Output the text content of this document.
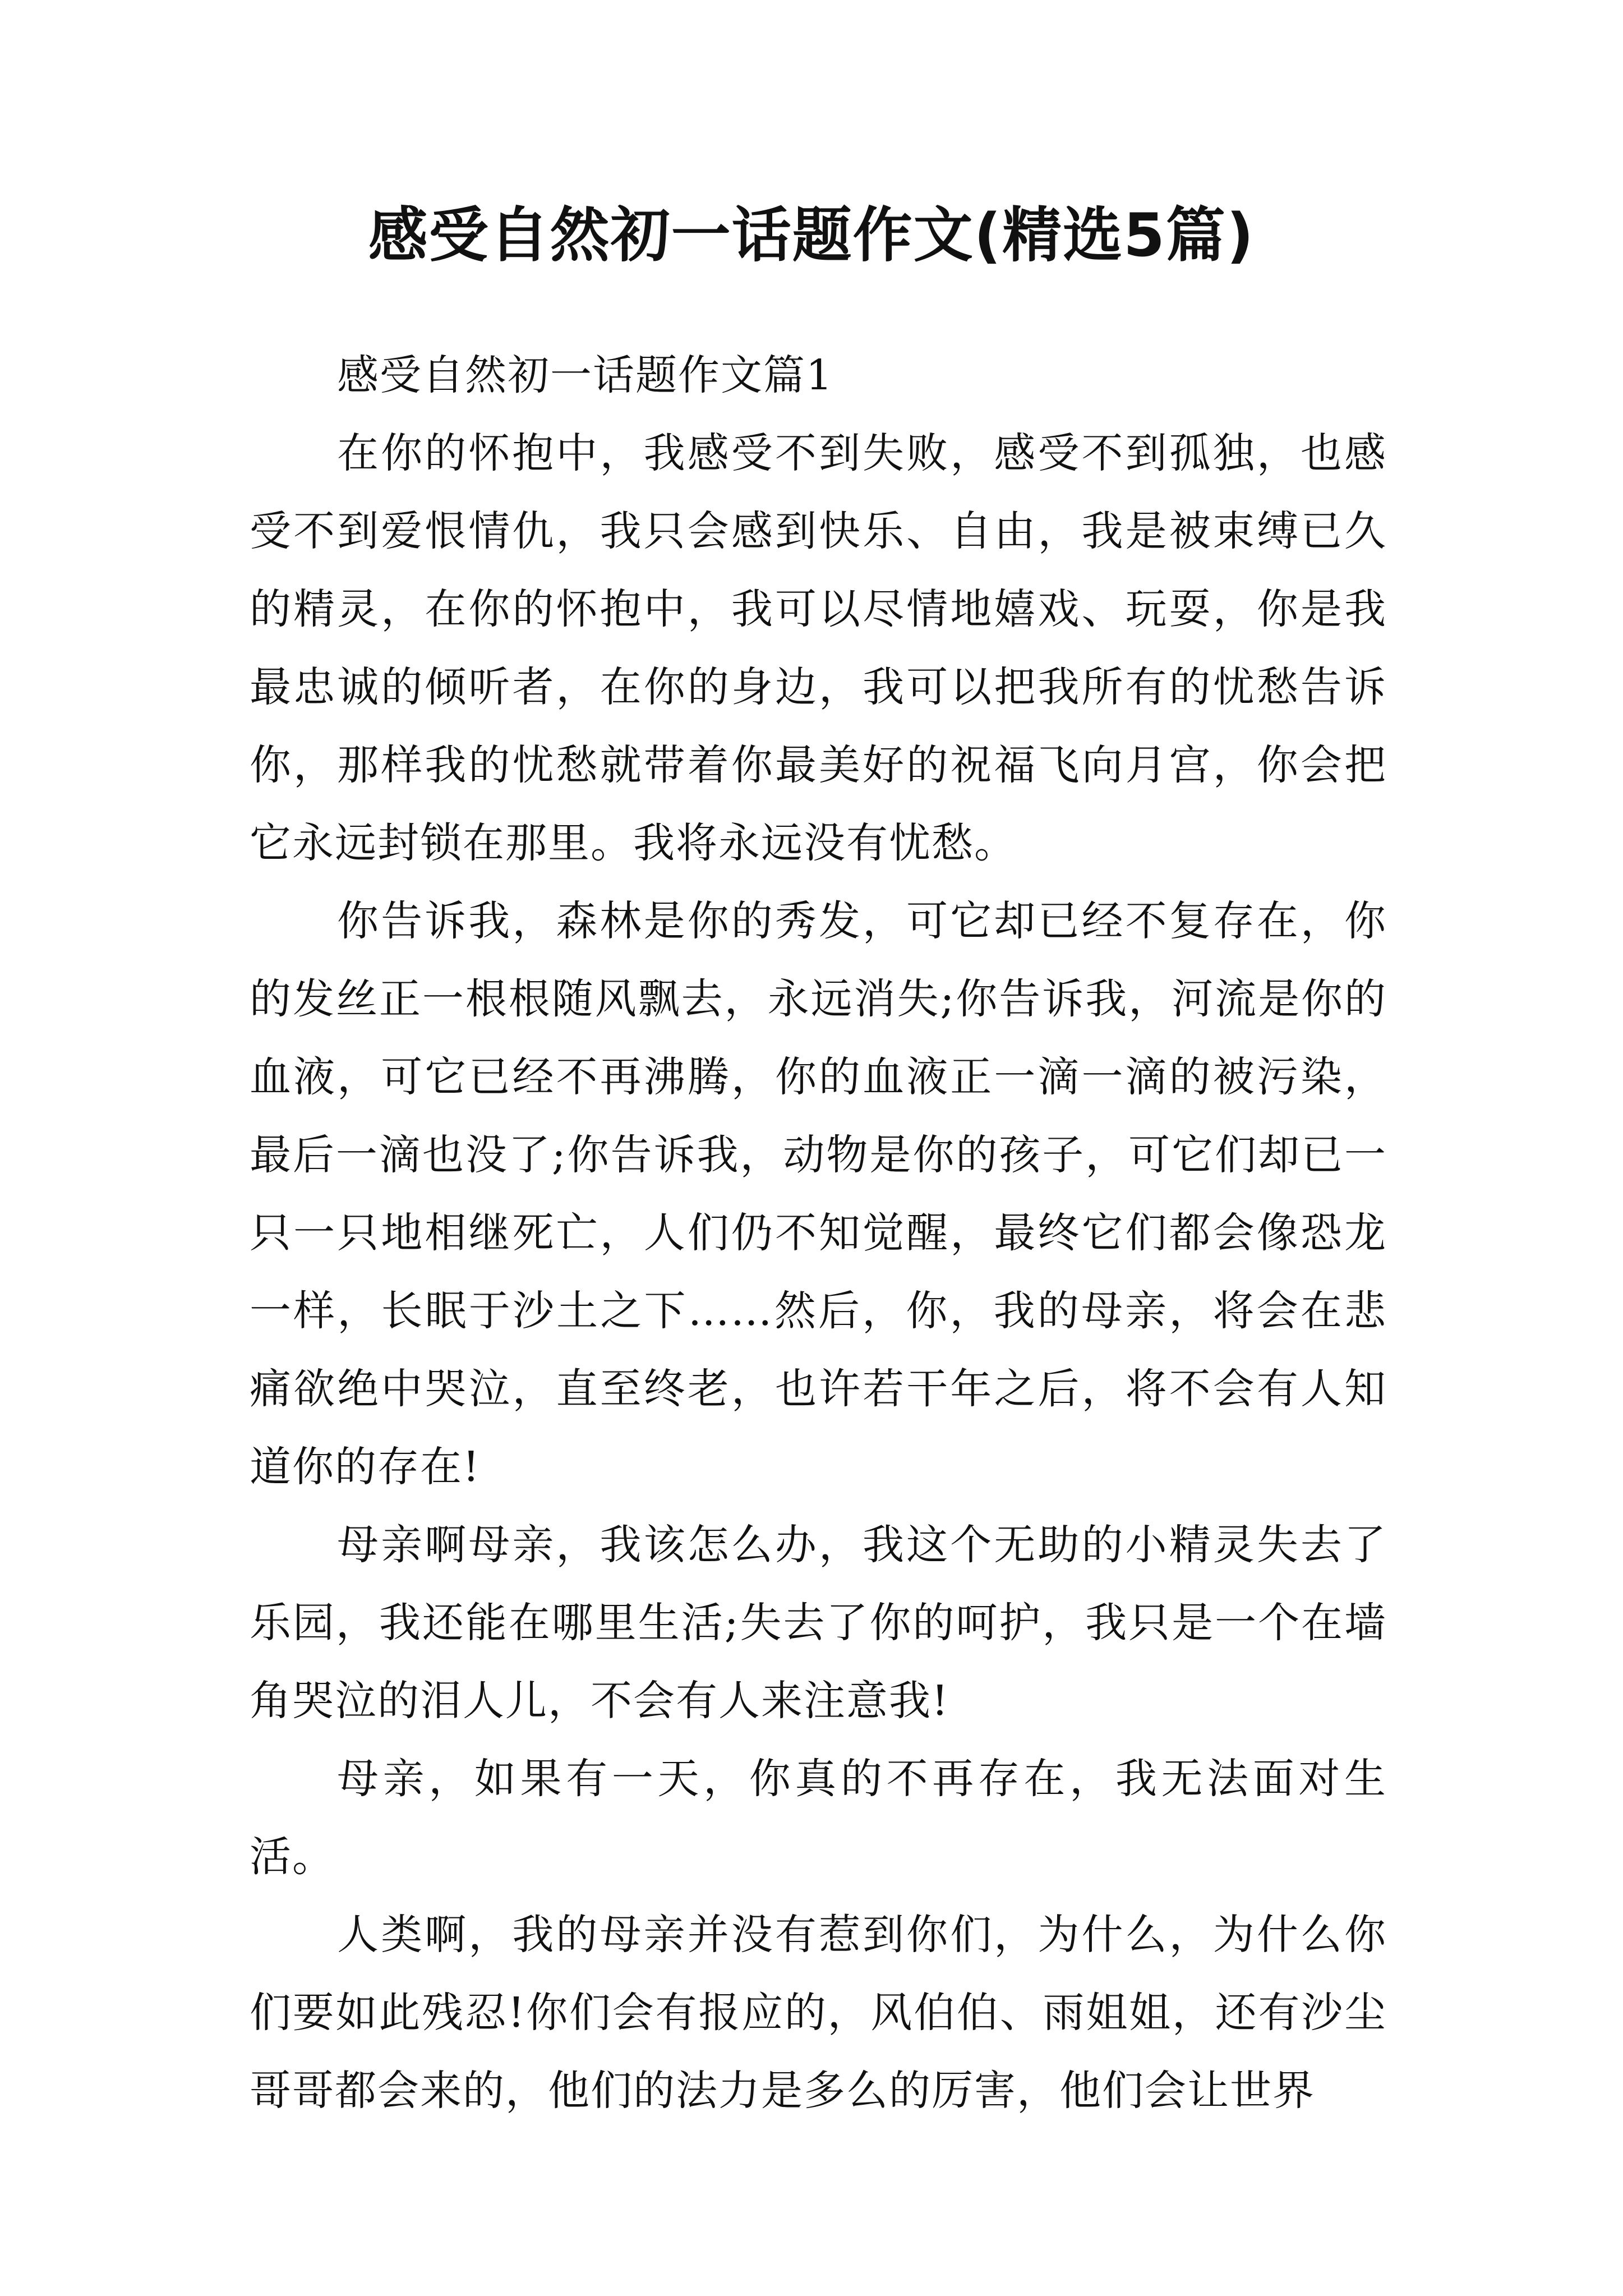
感受自然初一话题作文(精选5篇)

感受自然初一话题作文篇1

在你的怀抱中，我感受不到失败，感受不到孤独，也感受不到爱恨情仇，我只会感到快乐、自由，我是被束缚已久的精灵，在你的怀抱中，我可以尽情地嬉戏、玩耍，你是我最忠诚的倾听者，在你的身边，我可以把我所有的忧愁告诉你，那样我的忧愁就带着你最美好的祝福飞向月宫，你会把它永远封锁在那里。我将永远没有忧愁。

你告诉我，森林是你的秀发，可它却已经不复存在，你的发丝正一根根随风飘去，永远消失;你告诉我，河流是你的血液，可它已经不再沸腾，你的血液正一滴一滴的被污染，最后一滴也没了;你告诉我，动物是你的孩子，可它们却已一只一只地相继死亡，人们仍不知觉醒，最终它们都会像恐龙一样，长眠于沙土之下……然后，你，我的母亲，将会在悲痛欲绝中哭泣，直至终老，也许若干年之后，将不会有人知道你的存在!

母亲啊母亲，我该怎么办，我这个无助的小精灵失去了乐园，我还能在哪里生活;失去了你的呵护，我只是一个在墙角哭泣的泪人儿，不会有人来注意我!

母亲，如果有一天，你真的不再存在，我无法面对生活。

人类啊，我的母亲并没有惹到你们，为什么，为什么你们要如此残忍!你们会有报应的，风伯伯、雨姐姐，还有沙尘哥哥都会来的，他们的法力是多么的厉害，他们会让世界
